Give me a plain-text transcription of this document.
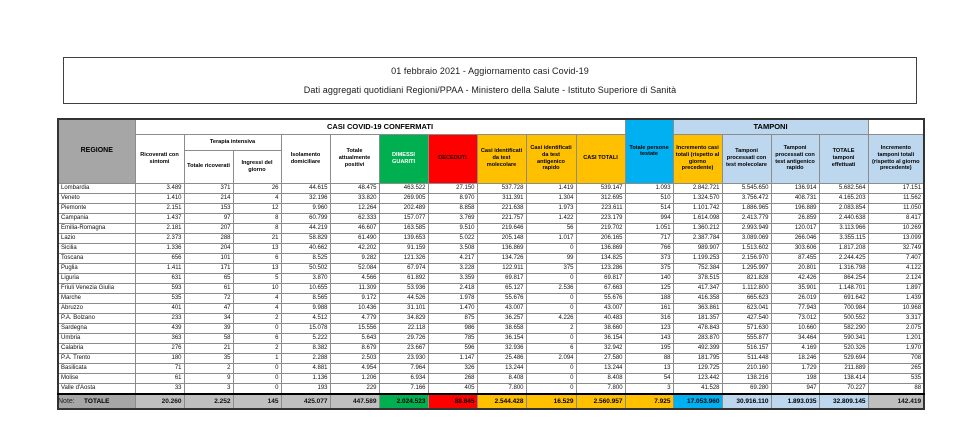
01 febbraio 2021 - Aggiornamento casi Covid-19
Dati aggregati quotidiani Regioni/PPAA - Ministero della Salute - Istituto Superiore di Sanità
REGIONE	CASI COVID-19 CONFERMATI										Totale persone testate	TAMPONI				
	Ricoverati con sintomi	Terapia intensiva		Isolamento domiciliare	Totale attualmente positivi	DIMESSI GUARITI	DECEDUTI	Casi identificati da test molecolare	Casi identificati da test antigenico rapido	CASI TOTALI		Incremento casi totali (rispetto al giorno precedente)	Tamponi processati con test molecolare	Tamponi processati con test antigenico rapido	TOTALE tamponi effettuati	Incremento tamponi totali (rispetto al giorno precedente)
		Totale ricoverati	Ingressi del giorno													
Lombardia	3.489	371	26	44.615	48.475	463.522	27.150	537.728	1.419	539.147	1.093	2.842.721	5.545.650	136.914	5.682.564	17.151
Veneto	1.410	214	4	32.196	33.820	269.905	8.970	311.391	1.304	312.695	510	1.324.570	3.756.472	408.731	4.165.203	11.562
Piemonte	2.151	153	12	9.960	12.264	202.489	8.858	221.638	1.973	223.611	514	1.101.742	1.886.965	196.889	2.083.854	11.050
Campania	1.437	97	8	60.799	62.333	157.077	3.769	221.757	1.422	223.179	994	1.614.098	2.413.779	26.859	2.440.638	8.417
Emilia-Romagna	2.181	207	8	44.219	46.607	163.585	9.510	219.646	56	219.702	1.051	1.360.212	2.993.949	120.017	3.113.966	10.269
Lazio	2.373	288	21	58.829	61.490	139.653	5.022	205.148	1.017	206.165	717	2.387.784	3.089.069	266.046	3.355.115	13.099
Sicilia	1.336	204	13	40.662	42.202	91.159	3.508	136.869	0	136.869	766	989.907	1.513.602	303.606	1.817.208	32.749
Toscana	656	101	6	8.525	9.282	121.326	4.217	134.726	99	134.825	373	1.199.253	2.156.970	87.455	2.244.425	7.407
Puglia	1.411	171	13	50.502	52.084	67.974	3.228	122.911	375	123.286	375	752.384	1.295.997	20.801	1.316.798	4.122
Liguria	631	65	5	3.870	4.566	61.892	3.359	69.817	0	69.817	140	378.515	821.828	42.426	864.254	2.124
Friuli Venezia Giulia	593	61	10	10.655	11.309	53.936	2.418	65.127	2.536	67.663	125	417.347	1.112.800	35.901	1.148.701	1.897
Marche	535	72	4	8.565	9.172	44.526	1.978	55.676	0	55.676	188	416.358	665.623	26.019	691.642	1.439
Abruzzo	401	47	4	9.988	10.436	31.101	1.470	43.007	0	43.007	161	363.861	623.041	77.943	700.984	10.968
P.A. Bolzano	233	34	2	4.512	4.779	34.829	875	36.257	4.226	40.483	316	181.357	427.540	73.012	500.552	3.317
Sardegna	439	39	0	15.078	15.556	22.118	986	38.658	2	38.660	123	478.843	571.630	10.660	582.290	2.075
Umbria	363	58	6	5.222	5.643	29.726	785	36.154	0	36.154	143	283.870	555.877	34.464	590.341	1.201
Calabria	276	21	2	8.382	8.679	23.667	596	32.936	6	32.942	195	492.399	516.157	4.169	520.326	1.970
P.A. Trento	180	35	1	2.288	2.503	23.930	1.147	25.486	2.094	27.580	88	181.795	511.448	18.246	529.694	708
Basilicata	71	2	0	4.881	4.954	7.964	326	13.244	0	13.244	13	129.725	210.160	1.729	211.889	265
Molise	61	9	0	1.136	1.206	6.934	268	8.408	0	8.408	54	123.442	138.216	198	138.414	535
Valle d'Aosta	33	3	0	193	229	7.166	405	7.800	0	7.800	3	41.528	69.280	947	70.227	88
TOTALE	20.260	2.252	145	425.077	447.589	2.024.523	88.845	2.544.428	16.529	2.560.957	7.925	17.053.960	30.916.110	1.893.035	32.809.145	142.419
Note:
